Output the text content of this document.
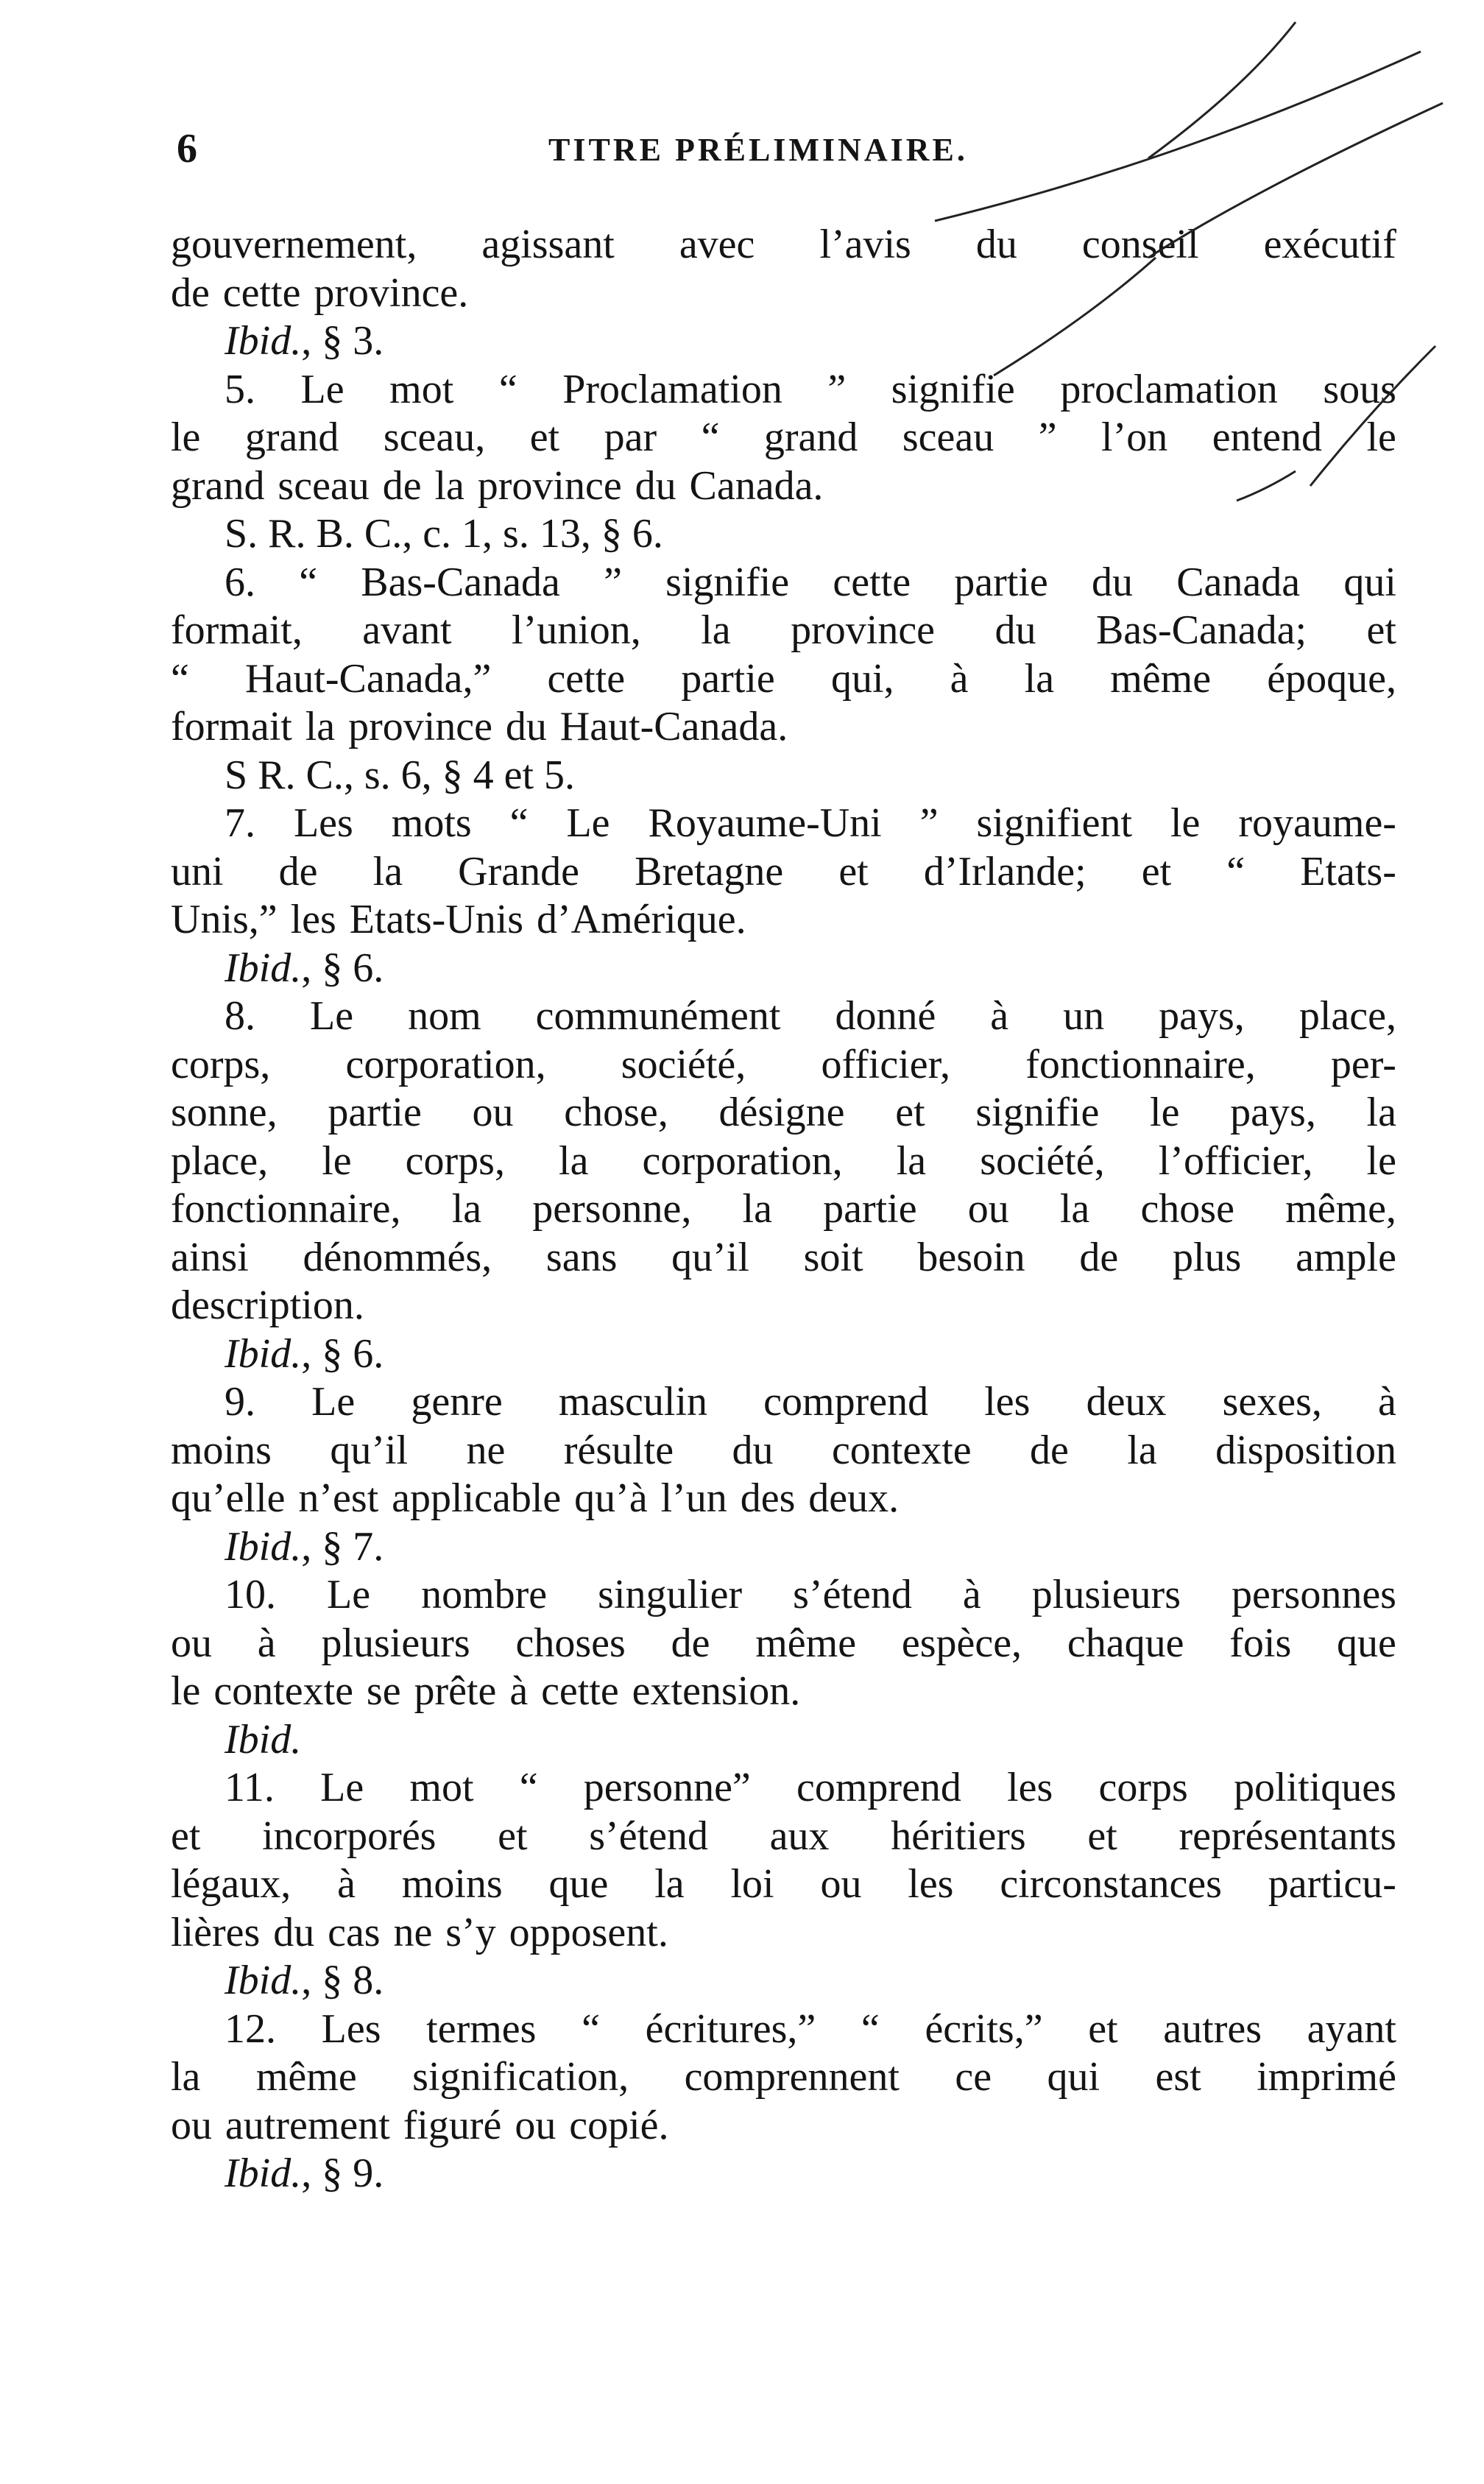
6	TITRE PRÉLIMINAIRE.
gouvernement, agissant avec l’avis du conseil exécutif
de cette province.
Ibid., § 3.
5. Le mot “ Proclamation ” signifie proclamation sous
le grand sceau, et par “ grand sceau ” l’on entend le
grand sceau de la province du Canada.
S. R. B. C., c. 1, s. 13, § 6.
6. “ Bas-Canada ” signifie cette partie du Canada qui
formait, avant l’union, la province du Bas-Canada; et
“ Haut-Canada,” cette partie qui, à la même époque,
formait la province du Haut-Canada.
S R. C., s. 6, § 4 et 5.
7. Les mots “ Le Royaume-Uni ” signifient le royaume-
uni de la Grande Bretagne et d’Irlande; et “ Etats-
Unis,” les Etats-Unis d’Amérique.
Ibid., § 6.
8. Le nom communément donné à un pays, place,
corps, corporation, société, officier, fonctionnaire, per-
sonne, partie ou chose, désigne et signifie le pays, la
place, le corps, la corporation, la société, l’officier, le
fonctionnaire, la personne, la partie ou la chose même,
ainsi dénommés, sans qu’il soit besoin de plus ample
description.
Ibid., § 6.
9. Le genre masculin comprend les deux sexes, à
moins qu’il ne résulte du contexte de la disposition
qu’elle n’est applicable qu’à l’un des deux.
Ibid., § 7.
10. Le nombre singulier s’étend à plusieurs personnes
ou à plusieurs choses de même espèce, chaque fois que
le contexte se prête à cette extension.
Ibid.
11. Le mot “ personne” comprend les corps politiques
et incorporés et s’étend aux héritiers et représentants
légaux, à moins que la loi ou les circonstances particu-
lières du cas ne s’y opposent.
Ibid., § 8.
12. Les termes “ écritures,” “ écrits,” et autres ayant
la même signification, comprennent ce qui est imprimé
ou autrement figuré ou copié.
Ibid., § 9.
